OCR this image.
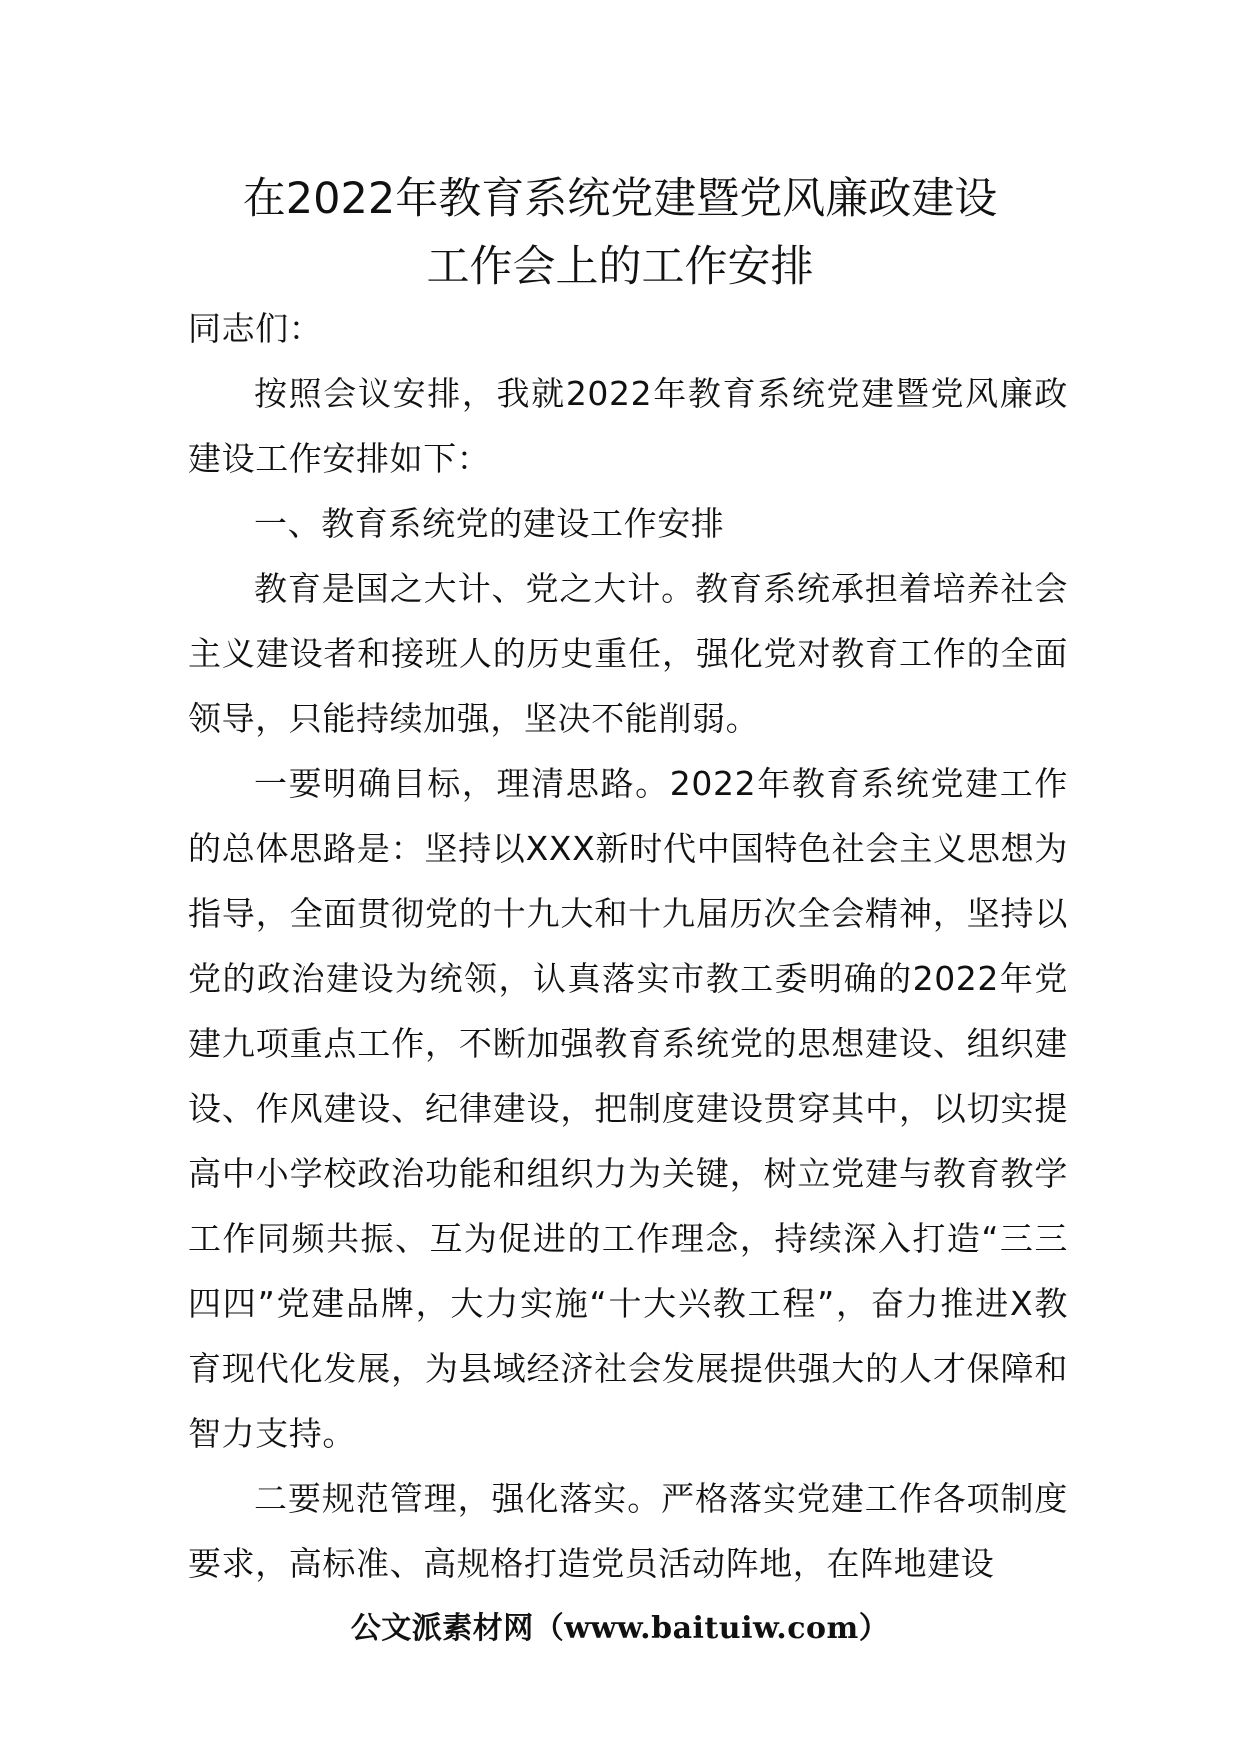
在2022年教育系统党建暨党风廉政建设
工作会上的工作安排
同志们：

按照会议安排，我就2022年教育系统党建暨党风廉政建设工作安排如下：

一、教育系统党的建设工作安排

教育是国之大计、党之大计。教育系统承担着培养社会主义建设者和接班人的历史重任，强化党对教育工作的全面领导，只能持续加强，坚决不能削弱。

一要明确目标，理清思路。2022年教育系统党建工作的总体思路是：坚持以XXX新时代中国特色社会主义思想为指导，全面贯彻党的十九大和十九届历次全会精神，坚持以党的政治建设为统领，认真落实市教工委明确的2022年党建九项重点工作，不断加强教育系统党的思想建设、组织建设、作风建设、纪律建设，把制度建设贯穿其中，以切实提高中小学校政治功能和组织力为关键，树立党建与教育教学工作同频共振、互为促进的工作理念，持续深入打造“三三四四”党建品牌，大力实施“十大兴教工程”，奋力推进X教育现代化发展，为县域经济社会发展提供强大的人才保障和智力支持。

二要规范管理，强化落实。严格落实党建工作各项制度要求，高标准、高规格打造党员活动阵地，在阵地建设

公文派素材网（www.baituiw.com）
